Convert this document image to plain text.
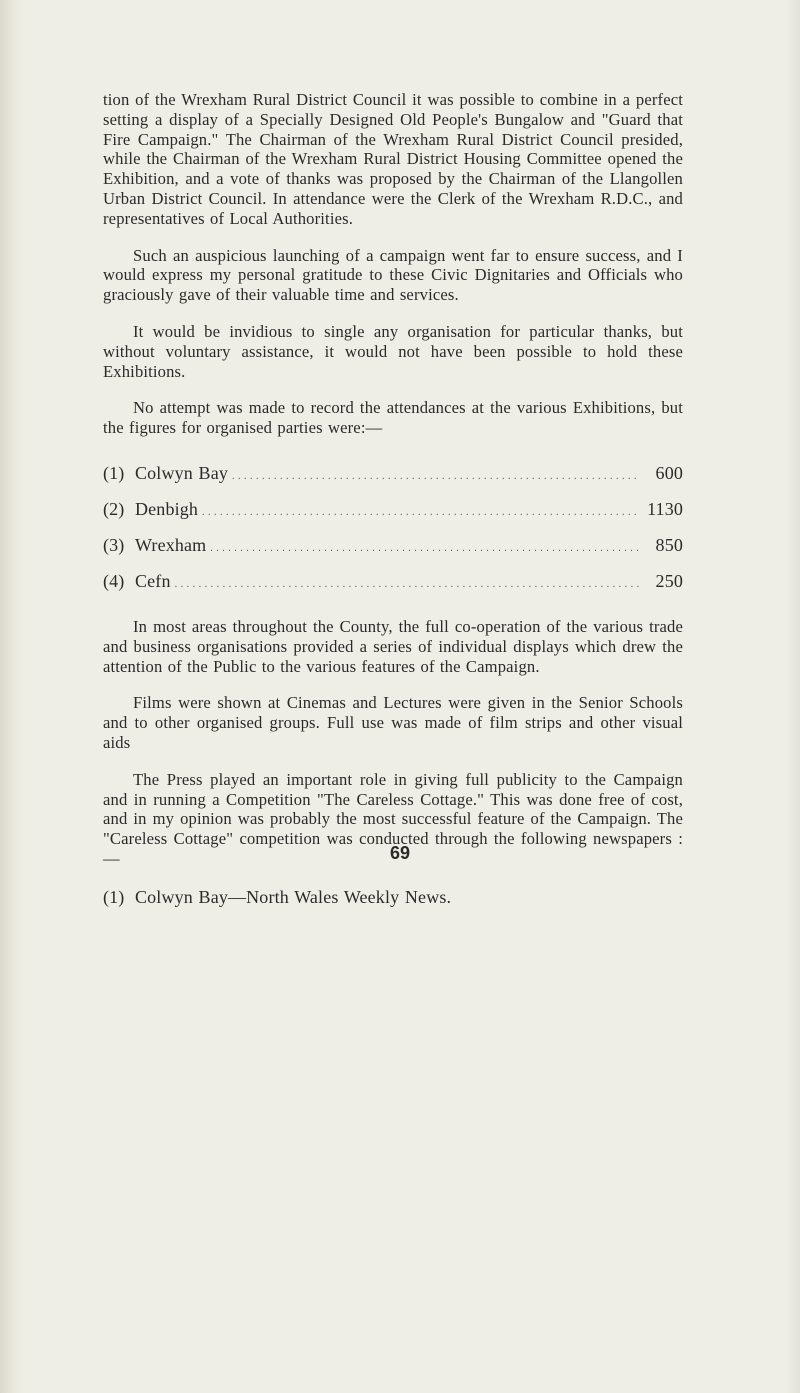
tion of the Wrexham Rural District Council it was possible to combine in a perfect setting a display of a Specially Designed Old People's Bungalow and "Guard that Fire Campaign." The Chairman of the Wrexham Rural District Council presided, while the Chairman of the Wrexham Rural District Housing Committee opened the Exhibition, and a vote of thanks was proposed by the Chairman of the Llangollen Urban District Council. In attendance were the Clerk of the Wrexham R.D.C., and representatives of Local Authorities.

Such an auspicious launching of a campaign went far to ensure success, and I would express my personal gratitude to these Civic Dignitaries and Officials who graciously gave of their valuable time and services.

It would be invidious to single any organisation for particular thanks, but without voluntary assistance, it would not have been possible to hold these Exhibitions.

No attempt was made to record the attendances at the various Exhibitions, but the figures for organised parties were:—

(1) Colwyn Bay . . .	600
(2) Denbigh . . .	1130
(3) Wrexham . . .	850
(4) Cefn . . .	250

In most areas throughout the County, the full co-operation of the various trade and business organisations provided a series of individual displays which drew the attention of the Public to the various features of the Campaign.

Films were shown at Cinemas and Lectures were given in the Senior Schools and to other organised groups. Full use was made of film strips and other visual aids

The Press played an important role in giving full publicity to the Campaign and in running a Competition "The Careless Cottage." This was done free of cost, and in my opinion was probably the most successful feature of the Campaign. The "Careless Cottage" competition was conducted through the following newspapers :—

(1) Colwyn Bay—North Wales Weekly News.
69
